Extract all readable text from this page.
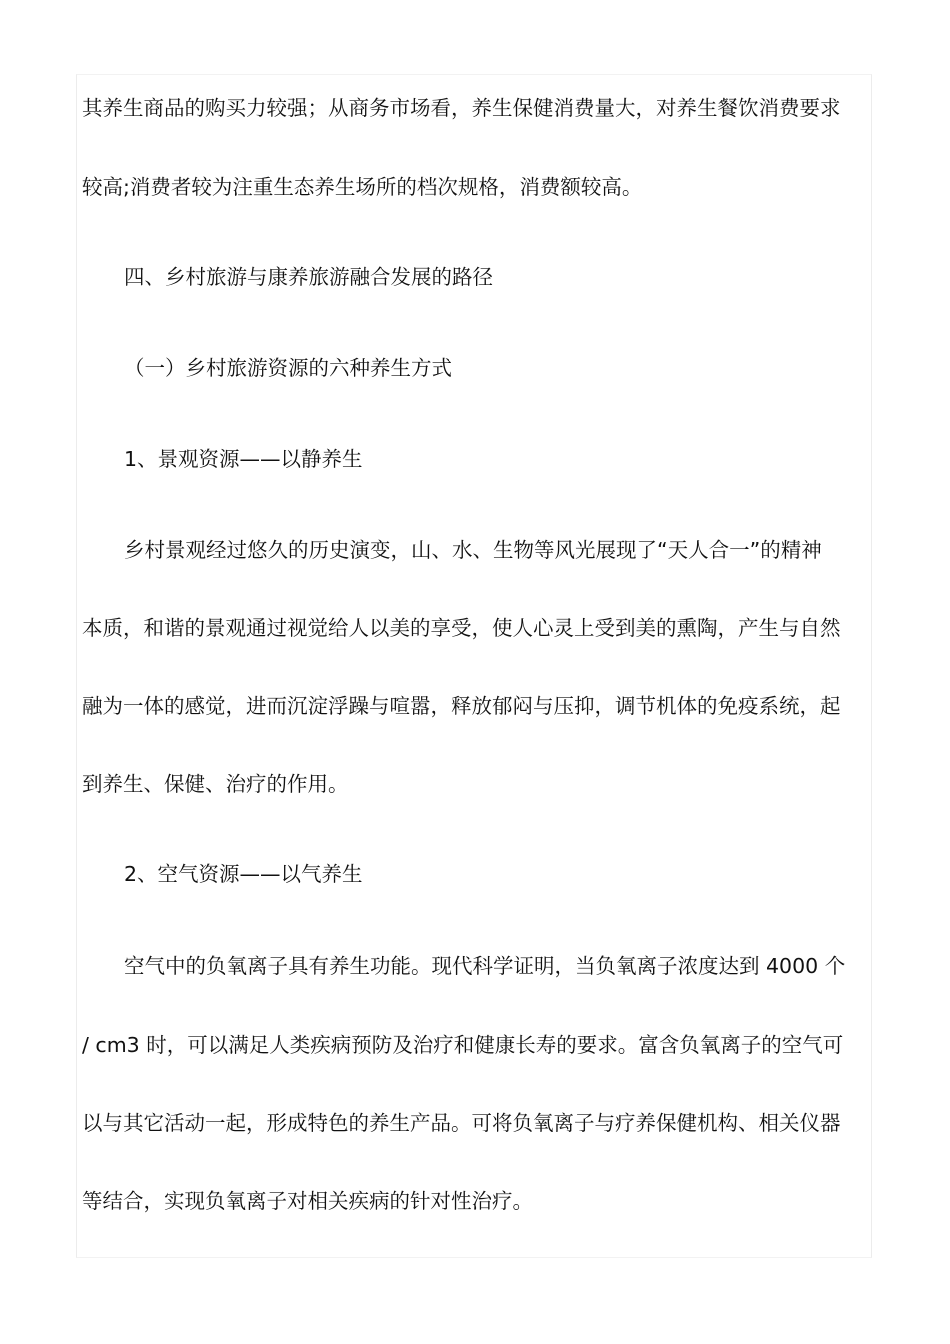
其养生商品的购买力较强；从商务市场看，养生保健消费量大，对养生餐饮消费要求
较高;消费者较为注重生态养生场所的档次规格，消费额较高。
四、乡村旅游与康养旅游融合发展的路径
（一）乡村旅游资源的六种养生方式
1、景观资源——以静养生
乡村景观经过悠久的历史演变，山、水、生物等风光展现了“天人合一”的精神
本质，和谐的景观通过视觉给人以美的享受，使人心灵上受到美的熏陶，产生与自然
融为一体的感觉，进而沉淀浮躁与喧嚣，释放郁闷与压抑，调节机体的免疫系统，起
到养生、保健、治疗的作用。
2、空气资源——以气养生
空气中的负氧离子具有养生功能。现代科学证明，当负氧离子浓度达到 4000 个
/ cm3 时，可以满足人类疾病预防及治疗和健康长寿的要求。富含负氧离子的空气可
以与其它活动一起，形成特色的养生产品。可将负氧离子与疗养保健机构、相关仪器
等结合，实现负氧离子对相关疾病的针对性治疗。
